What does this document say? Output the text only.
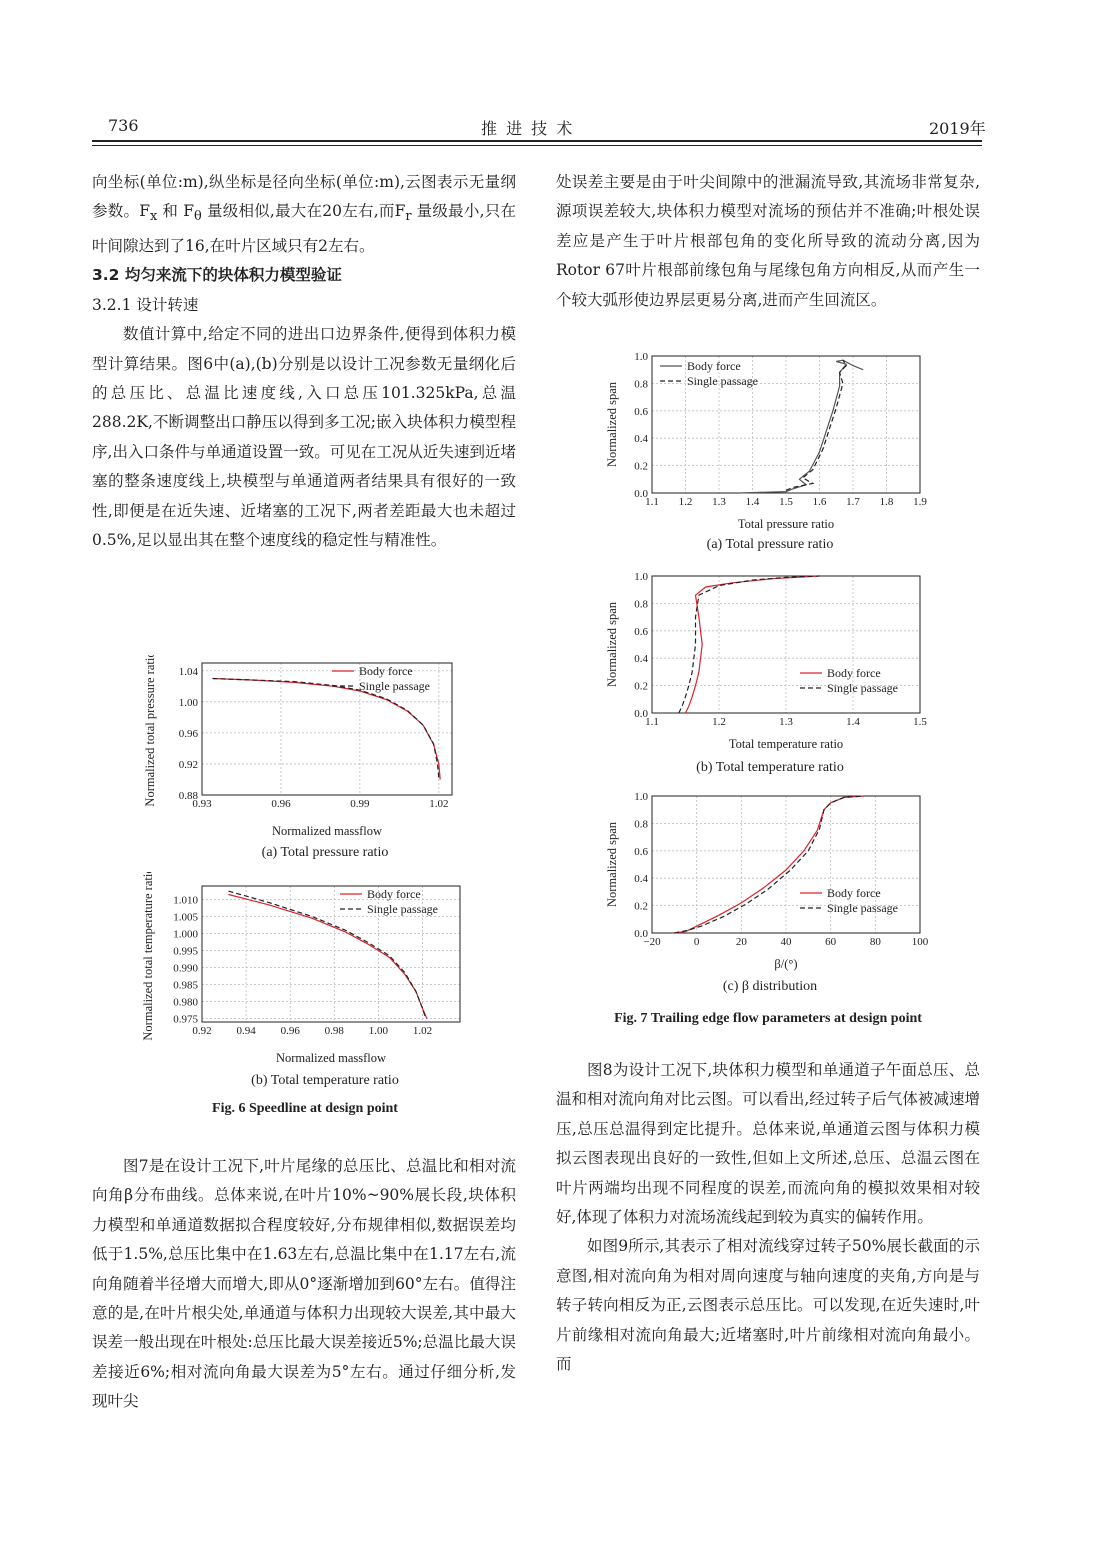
736	推 进 技 术	2019年

向坐标(单位:m),纵坐标是径向坐标(单位:m),云图表示无量纲参数。$F_x$ 和 $F_\theta$ 量级相似,最大在20左右,而$F_r$ 量级最小,只在叶间隙达到了16,在叶片区域只有2左右。

3.2 均匀来流下的块体积力模型验证
3.2.1 设计转速

数值计算中,给定不同的进出口边界条件,便得到体积力模型计算结果。图6中(a),(b)分别是以设计工况参数无量纲化后的总压比、总温比速度线,入口总压101.325kPa,总温288.2K,不断调整出口静压以得到多工况;嵌入块体积力模型程序,出入口条件与单通道设置一致。可见在工况从近失速到近堵塞的整条速度线上,块模型与单通道两者结果具有很好的一致性,即便是在近失速、近堵塞的工况下,两者差距最大也未超过0.5%,足以显出其在整个速度线的稳定性与精准性。

0.93	0.96	0.99	1.02
0.88
0.92
0.96
1.00
1.04	Body force
Single passage
Normalized massflow
Normalized total pressure ratio
(a) Total pressure ratio
0.92 0.94 0.96 0.98 1.00 1.02
0.975
0.980
0.985
0.990
0.995
1.000
1.005
1.010	Body force
Single passage
Normalized massflow
Normalized total temperature ratio
(b) Total temperature ratio
Fig. 6 Speedline at design point

图7是在设计工况下,叶片尾缘的总压比、总温比和相对流向角β分布曲线。总体来说,在叶片10%~90%展长段,块体积力模型和单通道数据拟合程度较好,分布规律相似,数据误差均低于1.5%,总压比集中在1.63左右,总温比集中在1.17左右,流向角随着半径增大而增大,即从0°逐渐增加到60°左右。值得注意的是,在叶片根尖处,单通道与体积力出现较大误差,其中最大误差一般出现在叶根处:总压比最大误差接近5%;总温比最大误差接近6%;相对流向角最大误差为5°左右。通过仔细分析,发现叶尖

处误差主要是由于叶尖间隙中的泄漏流导致,其流场非常复杂,源项误差较大,块体积力模型对流场的预估并不准确;叶根处误差应是产生于叶片根部包角的变化所导致的流动分离,因为Rotor 67叶片根部前缘包角与尾缘包角方向相反,从而产生一个较大弧形使边界层更易分离,进而产生回流区。

1.1 1.2 1.3 1.4 1.5 1.6 1.7 1.8 1.9
0.0
0.2
0.4
0.6
0.8
1.0
Body force
Single passage
Total pressure ratio
Normalized span
(a) Total pressure ratio
1.1	1.2	1.3	1.4	1.5
0.0
0.2
0.4
0.6
0.8
1.0
Body force
Single passage
Total temperature ratio
Normalized span
(b) Total temperature ratio
−20	0	20	40	60	80	100
0.0
0.2
0.4
0.6
0.8
1.0
Body force
Single passage
β/(°)
Normalized span
(c) β distribution
Fig. 7 Trailing edge flow parameters at design point

图8为设计工况下,块体积力模型和单通道子午面总压、总温和相对流向角对比云图。可以看出,经过转子后气体被减速增压,总压总温得到定比提升。总体来说,单通道云图与体积力模拟云图表现出良好的一致性,但如上文所述,总压、总温云图在叶片两端均出现不同程度的误差,而流向角的模拟效果相对较好,体现了体积力对流场流线起到较为真实的偏转作用。

如图9所示,其表示了相对流线穿过转子50%展长截面的示意图,相对流向角为相对周向速度与轴向速度的夹角,方向是与转子转向相反为正,云图表示总压比。可以发现,在近失速时,叶片前缘相对流向角最大;近堵塞时,叶片前缘相对流向角最小。而
